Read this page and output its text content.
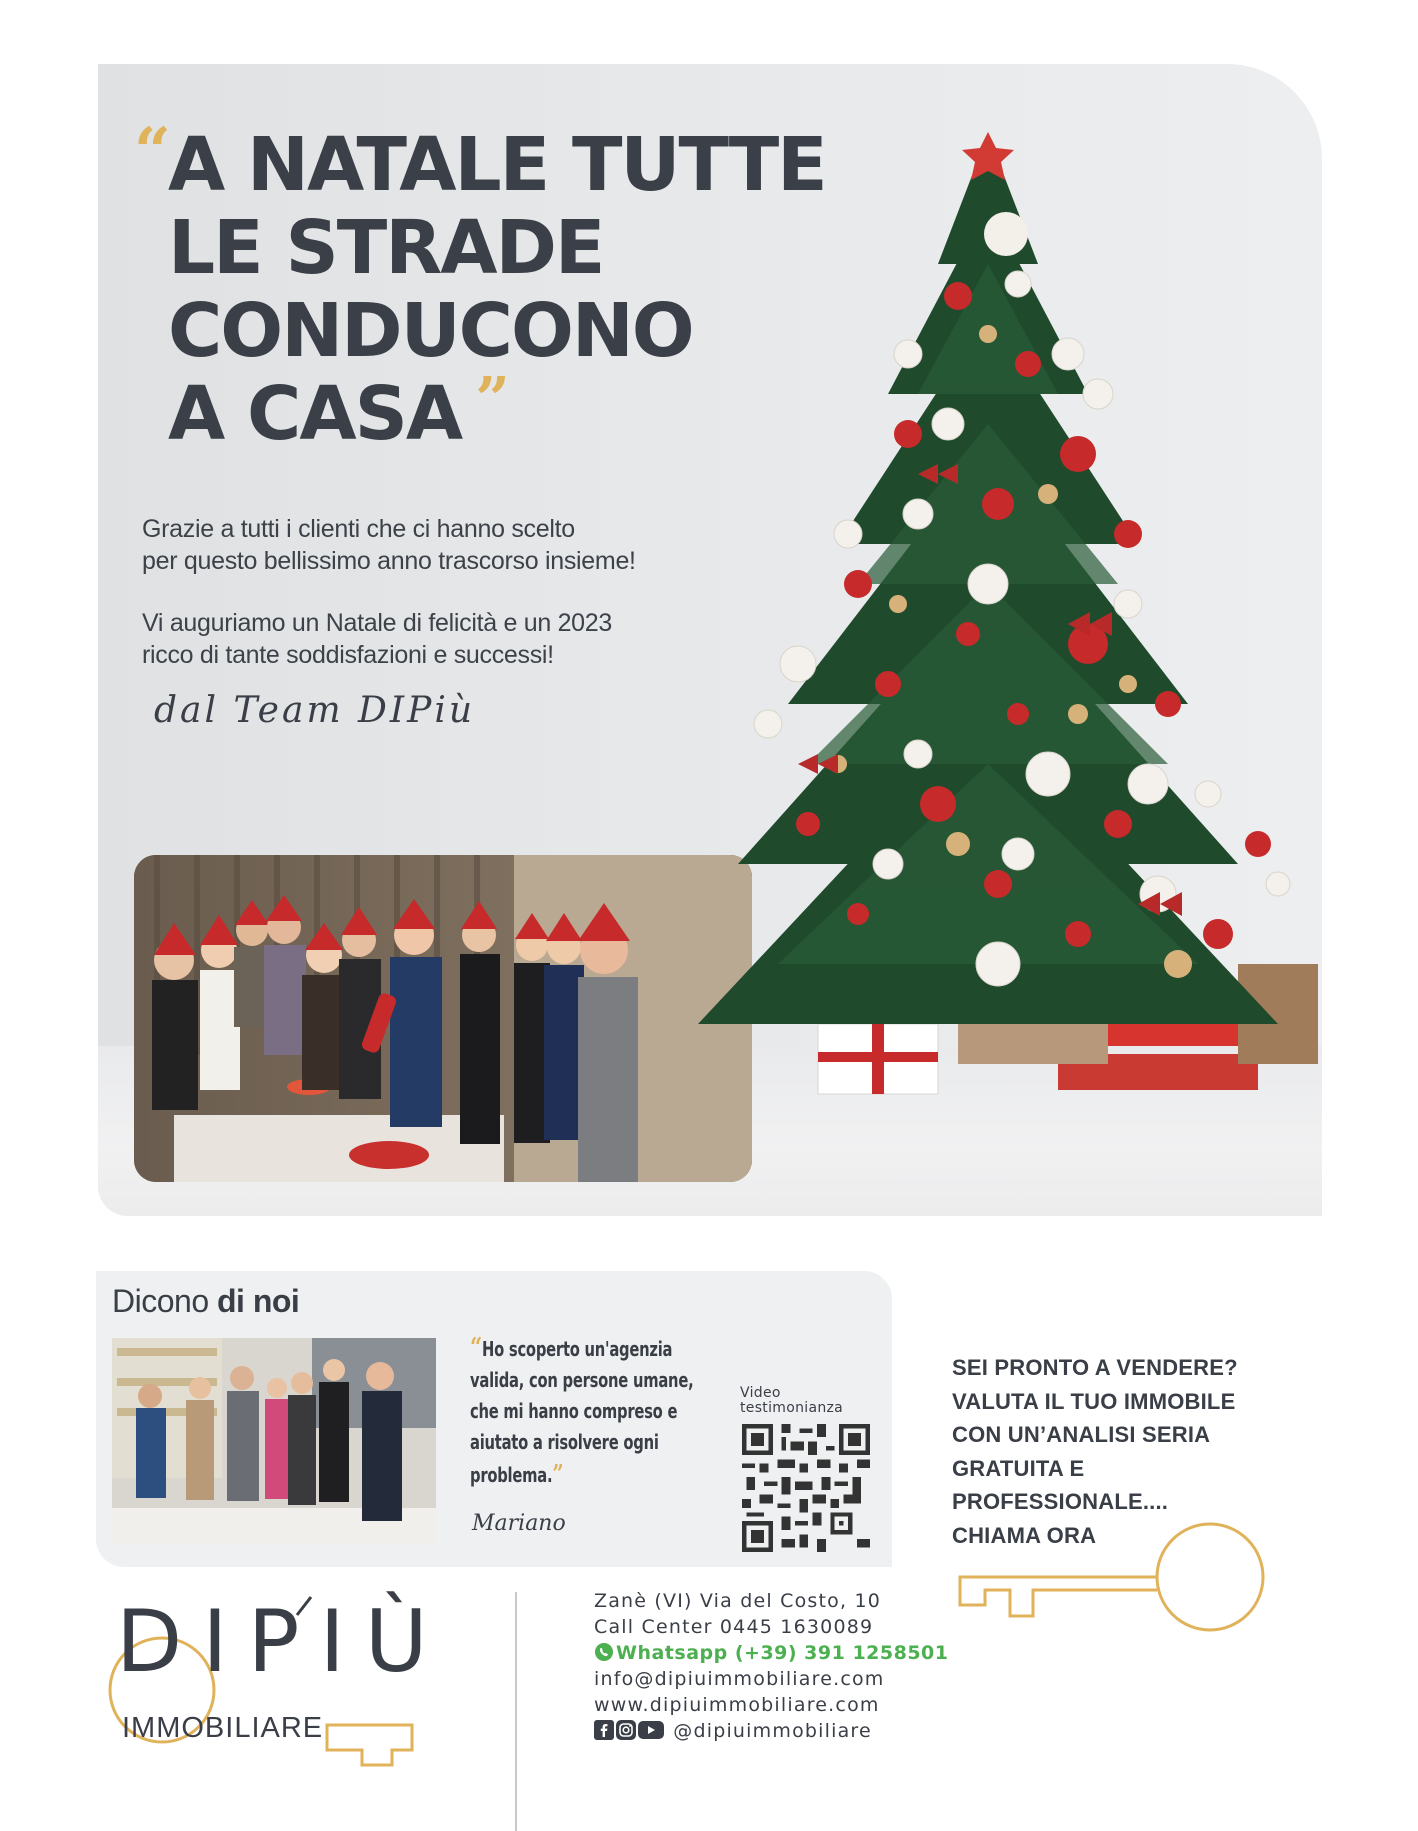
“ A NATALE TUTTE
LE STRADE
CONDUCONO
A CASA ”

Grazie a tutti i clienti che ci hanno scelto
per questo bellissimo anno trascorso insieme!

Vi auguriamo un Natale di felicità e un 2023
ricco di tante soddisfazioni e successi!

dal Team DIPiù
Dicono di noi
“Ho scoperto un'agenzia
valida, con persone umane,
che mi hanno compreso e
aiutato a risolvere ogni
problema.”
Mariano
Video
testimonianza
SEI PRONTO A VENDERE?
VALUTA IL TUO IMMOBILE
CON UN’ANALISI SERIA
GRATUITA E
PROFESSIONALE....
CHIAMA ORA
DIPIÙ
IMMOBILIARE
Zanè (VI) Via del Costo, 10
Call Center 0445 1630089
Whatsapp (+39) 391 1258501
info@dipiuimmobiliare.com
www.dipiuimmobiliare.com
@dipiuimmobiliare
